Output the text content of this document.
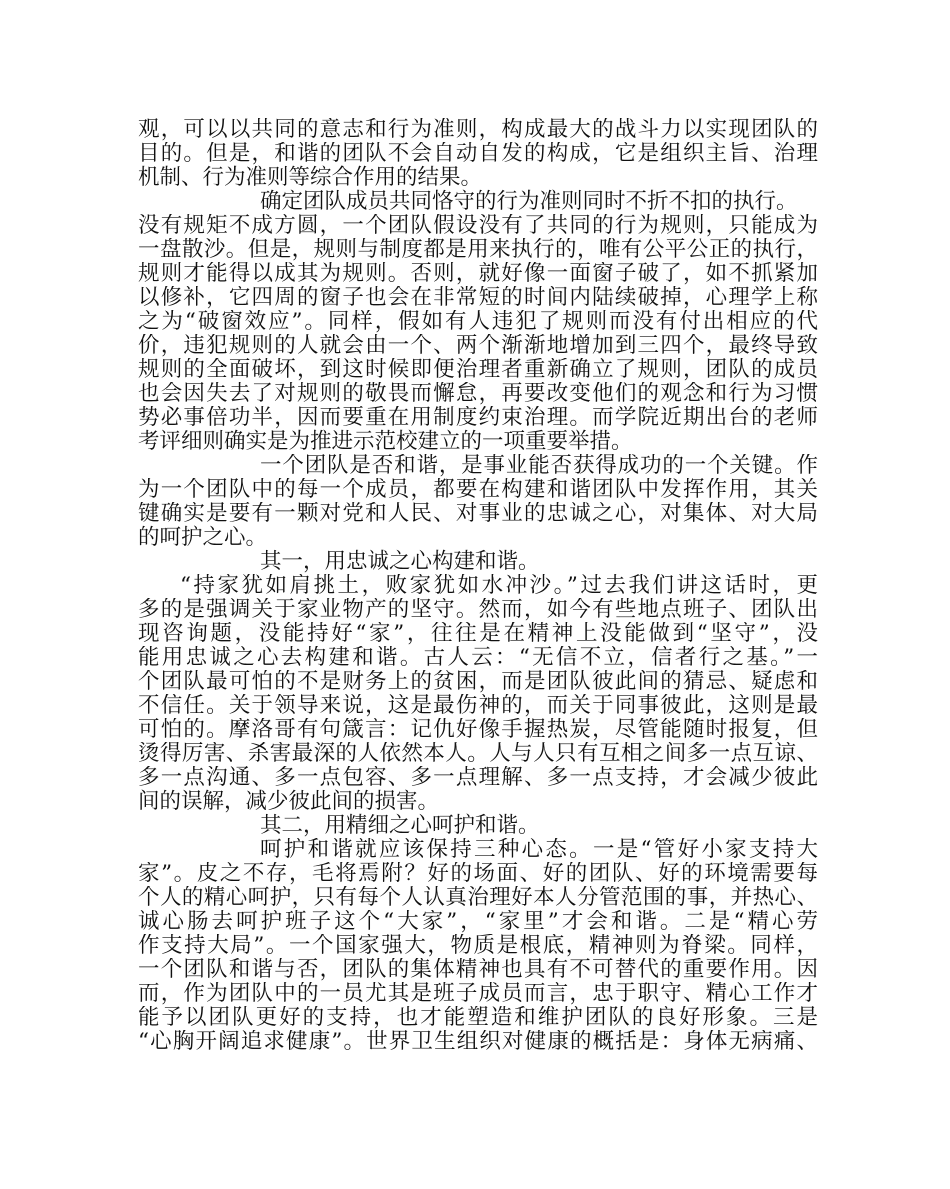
观，可以以共同的意志和行为准则，构成最大的战斗力以实现团队的
目的。但是，和谐的团队不会自动自发的构成，它是组织主旨、治理
机制、行为准则等综合作用的结果。
确定团队成员共同恪守的行为准则同时不折不扣的执行。
没有规矩不成方圆，一个团队假设没有了共同的行为规则，只能成为
一盘散沙。但是，规则与制度都是用来执行的，唯有公平公正的执行，
规则才能得以成其为规则。否则，就好像一面窗子破了，如不抓紧加
以修补，它四周的窗子也会在非常短的时间内陆续破掉，心理学上称
之为“破窗效应”。同样，假如有人违犯了规则而没有付出相应的代
价，违犯规则的人就会由一个、两个渐渐地增加到三四个，最终导致
规则的全面破坏，到这时候即便治理者重新确立了规则，团队的成员
也会因失去了对规则的敬畏而懈怠，再要改变他们的观念和行为习惯
势必事倍功半，因而要重在用制度约束治理。而学院近期出台的老师
考评细则确实是为推进示范校建立的一项重要举措。
一个团队是否和谐，是事业能否获得成功的一个关键。作
为一个团队中的每一个成员，都要在构建和谐团队中发挥作用，其关
键确实是要有一颗对党和人民、对事业的忠诚之心，对集体、对大局
的呵护之心。
其一，用忠诚之心构建和谐。
“持家犹如肩挑土，败家犹如水冲沙。”过去我们讲这话时，更
多的是强调关于家业物产的坚守。然而，如今有些地点班子、团队出
现咨询题，没能持好“家”，往往是在精神上没能做到“坚守”，没
能用忠诚之心去构建和谐。古人云：“无信不立，信者行之基。”一
个团队最可怕的不是财务上的贫困，而是团队彼此间的猜忌、疑虑和
不信任。关于领导来说，这是最伤神的，而关于同事彼此，这则是最
可怕的。摩洛哥有句箴言：记仇好像手握热炭，尽管能随时报复，但
烫得厉害、杀害最深的人依然本人。人与人只有互相之间多一点互谅、
多一点沟通、多一点包容、多一点理解、多一点支持，才会减少彼此
间的误解，减少彼此间的损害。
其二，用精细之心呵护和谐。
呵护和谐就应该保持三种心态。一是“管好小家支持大
家”。皮之不存，毛将焉附？好的场面、好的团队、好的环境需要每
个人的精心呵护，只有每个人认真治理好本人分管范围的事，并热心、
诚心肠去呵护班子这个“大家”，“家里”才会和谐。二是“精心劳
作支持大局”。一个国家强大，物质是根底，精神则为脊梁。同样，
一个团队和谐与否，团队的集体精神也具有不可替代的重要作用。因
而，作为团队中的一员尤其是班子成员而言，忠于职守、精心工作才
能予以团队更好的支持，也才能塑造和维护团队的良好形象。三是
“心胸开阔追求健康”。世界卫生组织对健康的概括是：身体无病痛、
